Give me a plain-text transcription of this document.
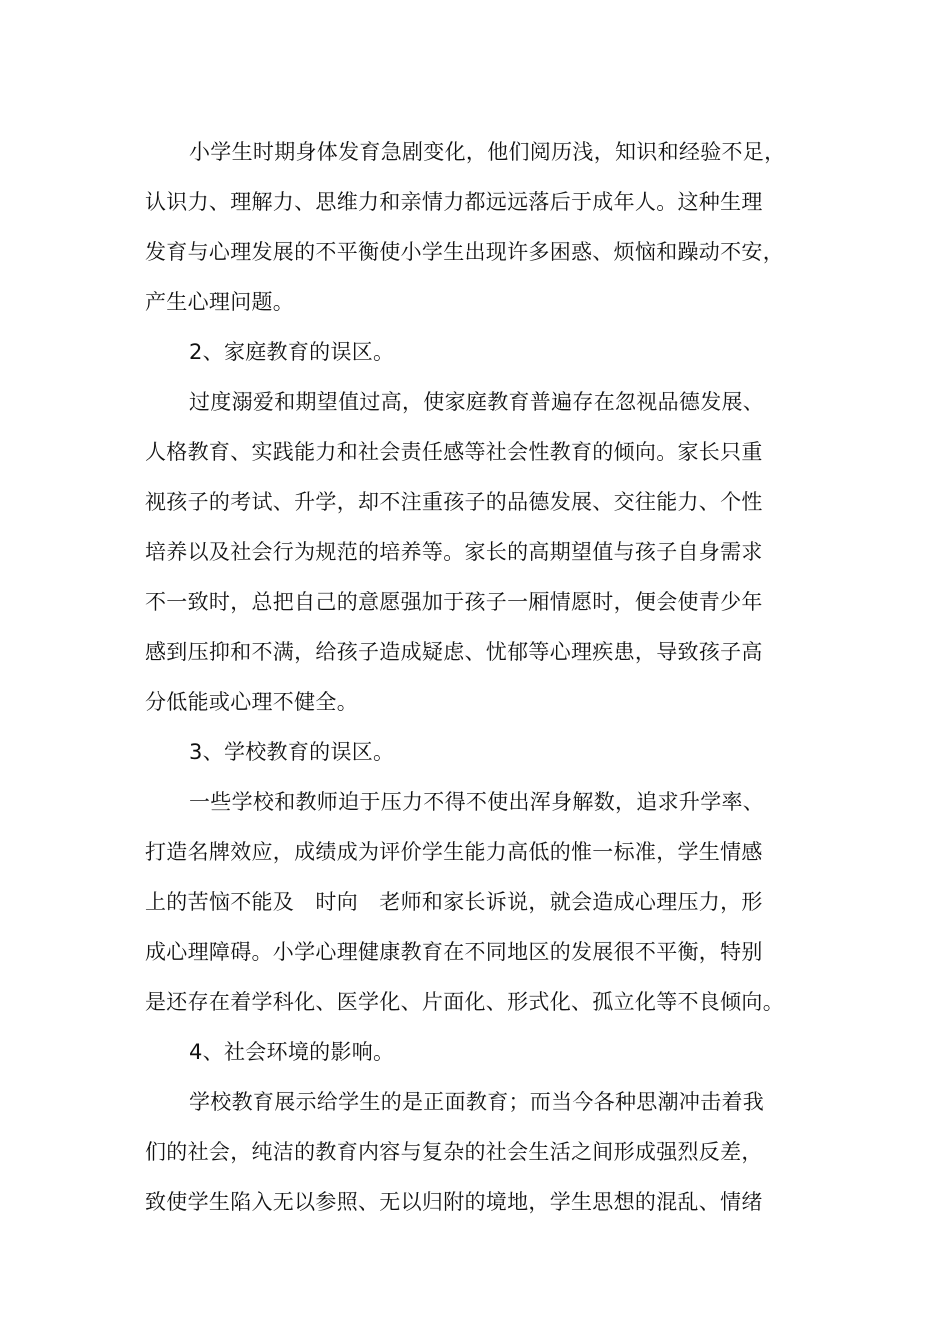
小学生时期身体发育急剧变化，他们阅历浅，知识和经验不足，
认识力、理解力、思维力和亲情力都远远落后于成年人。这种生理
发育与心理发展的不平衡使小学生出现许多困惑、烦恼和躁动不安，
产生心理问题。
2、家庭教育的误区。
过度溺爱和期望值过高，使家庭教育普遍存在忽视品德发展、
人格教育、实践能力和社会责任感等社会性教育的倾向。家长只重
视孩子的考试、升学，却不注重孩子的品德发展、交往能力、个性
培养以及社会行为规范的培养等。家长的高期望值与孩子自身需求
不一致时，总把自己的意愿强加于孩子一厢情愿时，便会使青少年
感到压抑和不满，给孩子造成疑虑、忧郁等心理疾患，导致孩子高
分低能或心理不健全。
3、学校教育的误区。
一些学校和教师迫于压力不得不使出浑身解数，追求升学率、
打造名牌效应，成绩成为评价学生能力高低的惟一标准，学生情感
上的苦恼不能及　时向　老师和家长诉说，就会造成心理压力，形
成心理障碍。小学心理健康教育在不同地区的发展很不平衡，特别
是还存在着学科化、医学化、片面化、形式化、孤立化等不良倾向。
4、社会环境的影响。
学校教育展示给学生的是正面教育；而当今各种思潮冲击着我
们的社会，纯洁的教育内容与复杂的社会生活之间形成强烈反差，
致使学生陷入无以参照、无以归附的境地，学生思想的混乱、情绪
